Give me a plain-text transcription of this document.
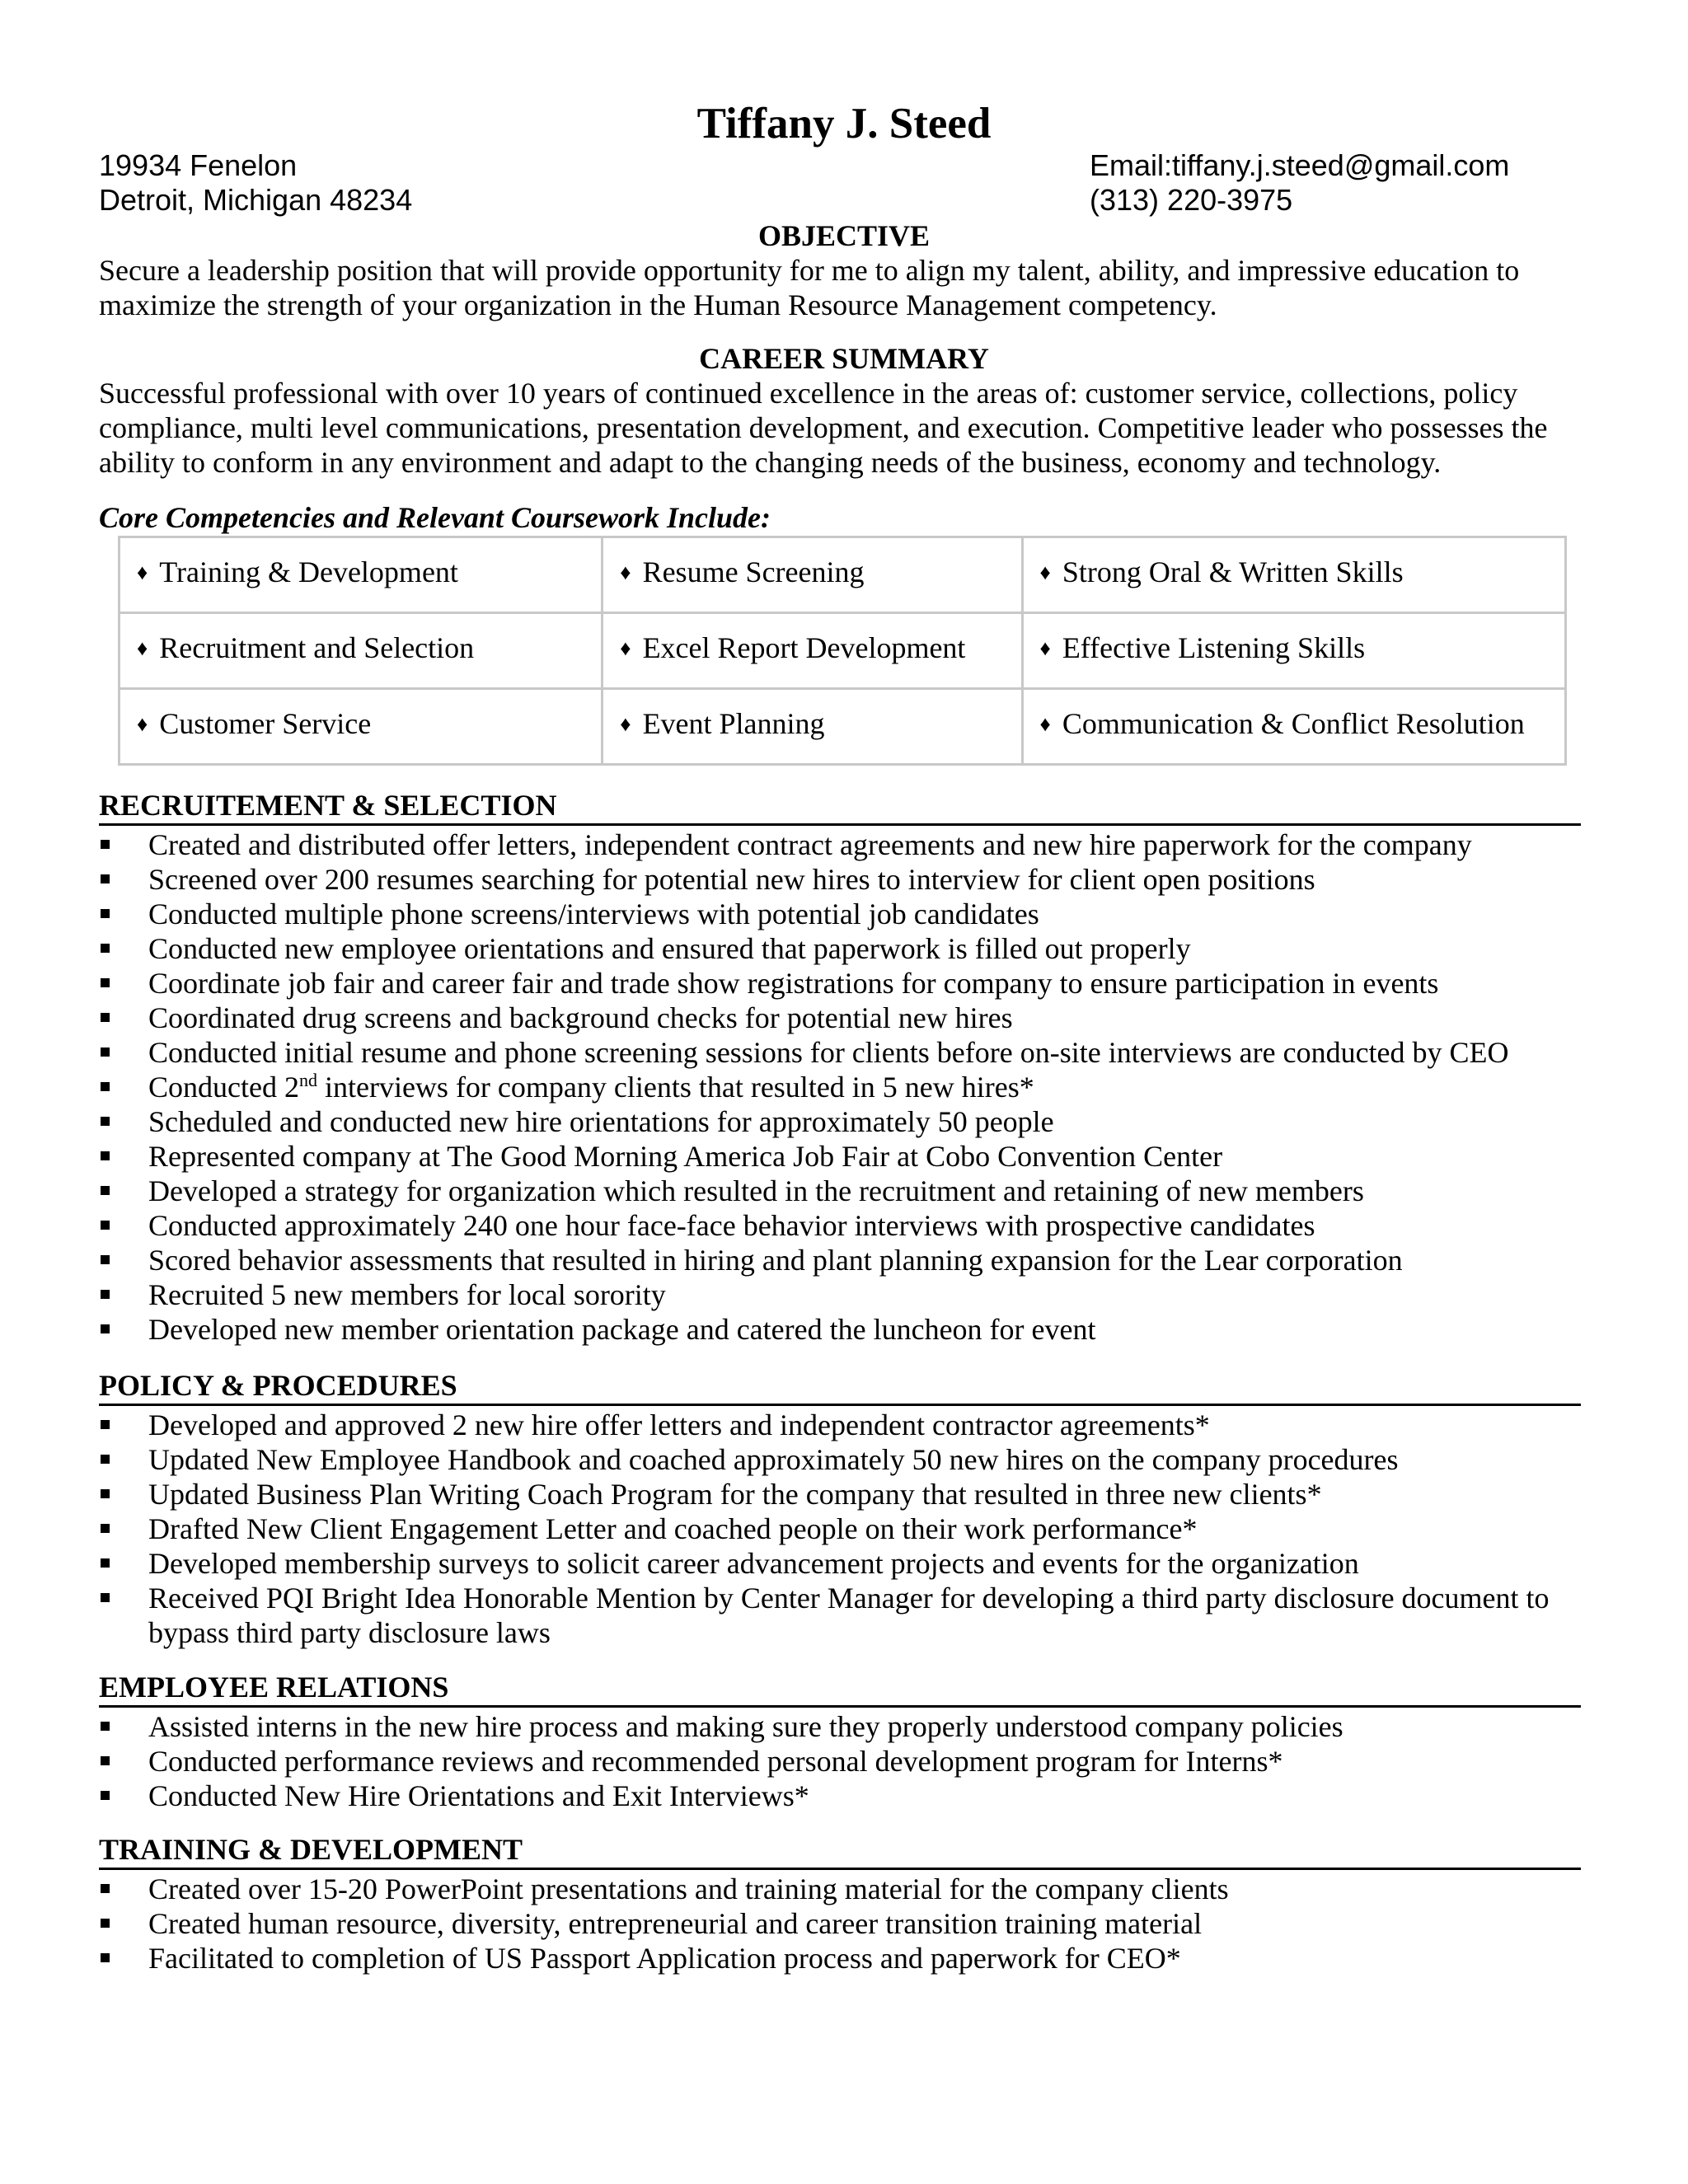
Tiffany J. Steed
19934 Fenelon
Detroit, Michigan 48234
Email:tiffany.j.steed@gmail.com
(313) 220-3975
OBJECTIVE
Secure a leadership position that will provide opportunity for me to align my talent, ability, and impressive education to
maximize the strength of your organization in the Human Resource Management competency.
CAREER SUMMARY
Successful professional with over 10 years of continued excellence in the areas of: customer service, collections, policy
compliance, multi level communications, presentation development, and execution. Competitive leader who possesses the
ability to conform in any environment and adapt to the changing needs of the business, economy and technology.
Core Competencies and Relevant Coursework Include:
♦ Training & Development	♦ Resume Screening	♦ Strong Oral & Written Skills
♦ Recruitment and Selection	♦ Excel Report Development	♦ Effective Listening Skills
♦ Customer Service	♦ Event Planning	♦ Communication & Conflict Resolution
RECRUITEMENT & SELECTION
Created and distributed offer letters, independent contract agreements and new hire paperwork for the company
Screened over 200 resumes searching for potential new hires to interview for client open positions
Conducted multiple phone screens/interviews with potential job candidates
Conducted new employee orientations and ensured that paperwork is filled out properly
Coordinate job fair and career fair and trade show registrations for company to ensure participation in events
Coordinated drug screens and background checks for potential new hires
Conducted initial resume and phone screening sessions for clients before on-site interviews are conducted by CEO
Conducted 2nd interviews for company clients that resulted in 5 new hires*
Scheduled and conducted new hire orientations for approximately 50 people
Represented company at The Good Morning America Job Fair at Cobo Convention Center
Developed a strategy for organization which resulted in the recruitment and retaining of new members
Conducted approximately 240 one hour face-face behavior interviews with prospective candidates
Scored behavior assessments that resulted in hiring and plant planning expansion for the Lear corporation
Recruited 5 new members for local sorority
Developed new member orientation package and catered the luncheon for event
POLICY & PROCEDURES
Developed and approved 2 new hire offer letters and independent contractor agreements*
Updated New Employee Handbook and coached approximately 50 new hires on the company procedures
Updated Business Plan Writing Coach Program for the company that resulted in three new clients*
Drafted New Client Engagement Letter and coached people on their work performance*
Developed membership surveys to solicit career advancement projects and events for the organization
Received PQI Bright Idea Honorable Mention by Center Manager for developing a third party disclosure document to
bypass third party disclosure laws
EMPLOYEE RELATIONS
Assisted interns in the new hire process and making sure they properly understood company policies
Conducted performance reviews and recommended personal development program for Interns*
Conducted New Hire Orientations and Exit Interviews*
TRAINING & DEVELOPMENT
Created over 15-20 PowerPoint presentations and training material for the company clients
Created human resource, diversity, entrepreneurial and career transition training material
Facilitated to completion of US Passport Application process and paperwork for CEO*
